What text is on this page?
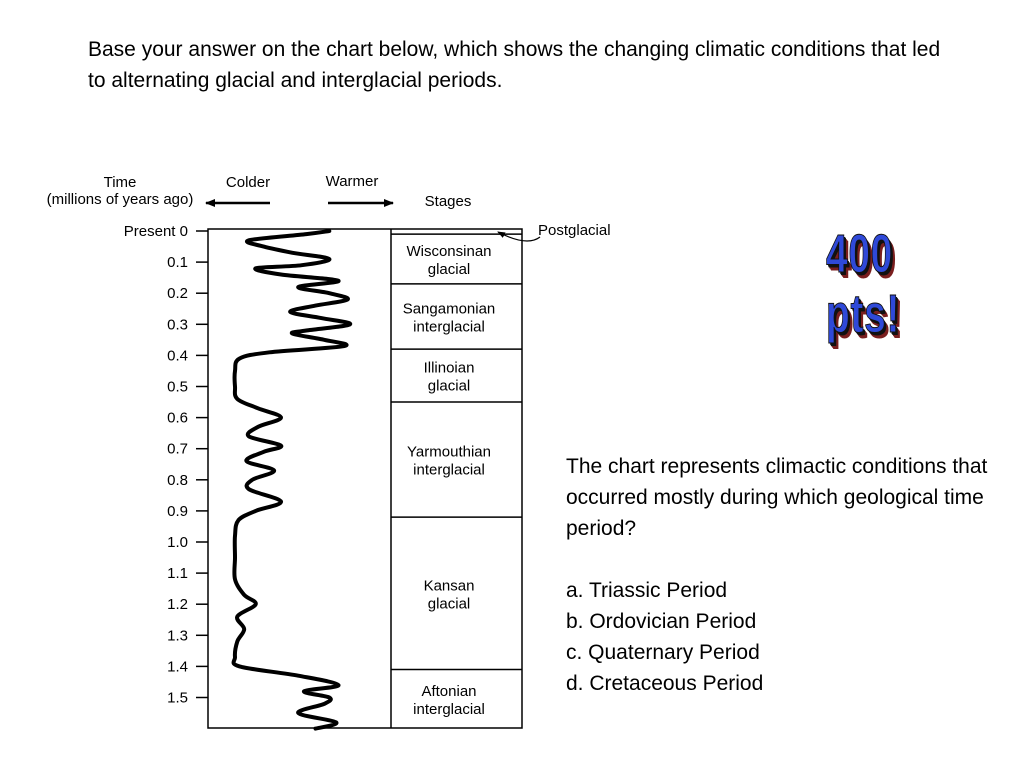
Base your answer on the chart below, which shows the changing climatic conditions that led to alternating glacial and interglacial periods.
Time
(millions of years ago)
Colder	Warmer
Stages
Present 0
0.1
0.2
0.3
0.4
0.5
0.6
0.7
0.8
0.9
1.0
1.1
1.2
1.3
1.4
1.5
Wisconsinan
glacial
Sangamonian
interglacial
Illinoian
glacial
Yarmouthian
interglacial
Kansan
glacial
Aftonian
interglacial
Postglacial	400 pts!
The chart represents climactic conditions that occurred mostly during which geological time period?
a. Triassic Period
b. Ordovician Period
c. Quaternary Period
d. Cretaceous Period
